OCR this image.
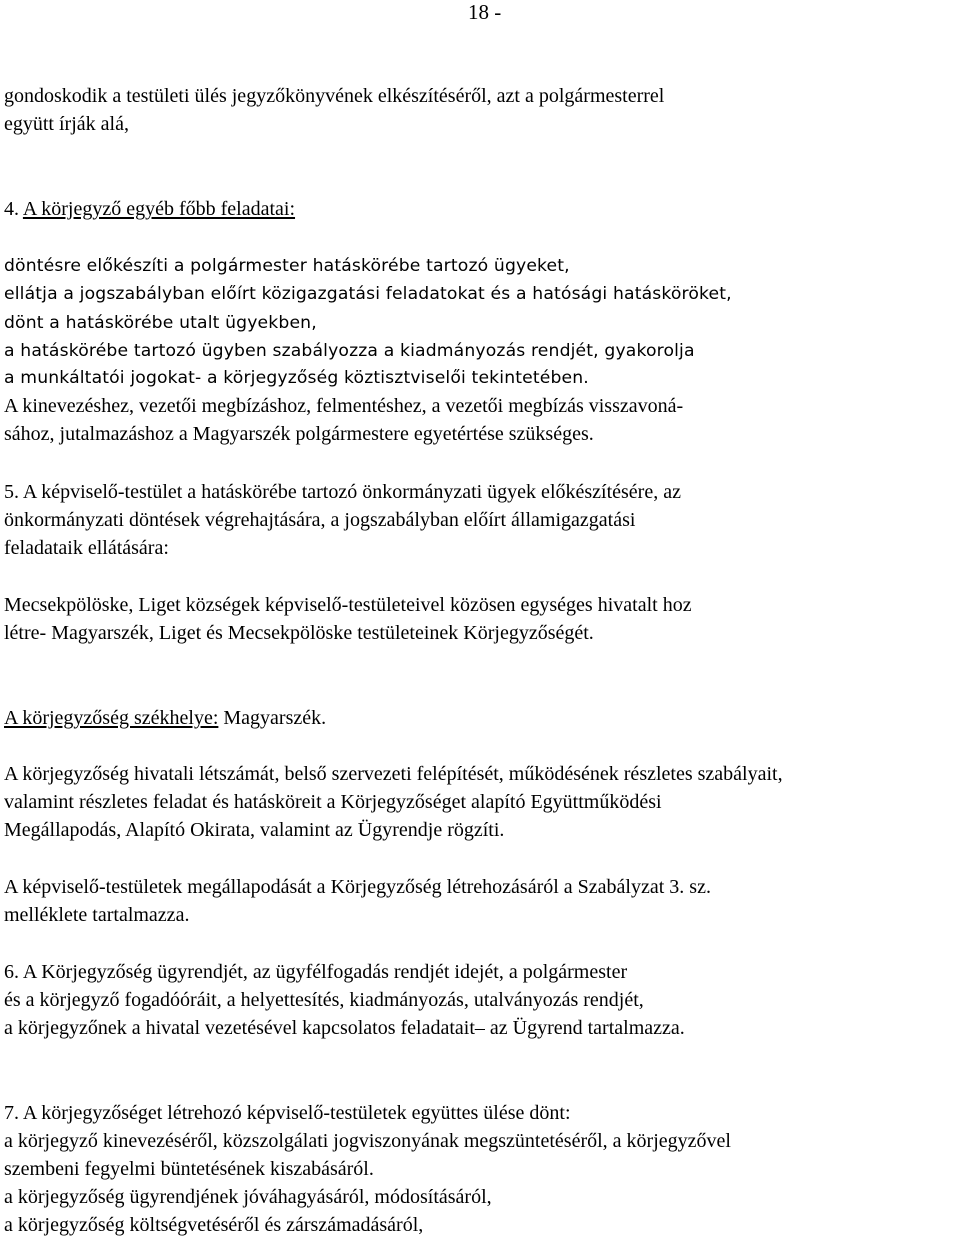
18 -
gondoskodik a testületi ülés jegyzőkönyvének elkészítéséről, azt a polgármesterrel
együtt írják alá,
4. A körjegyző egyéb főbb feladatai:
döntésre előkészíti a polgármester hatáskörébe tartozó ügyeket,
ellátja a jogszabályban előírt közigazgatási feladatokat és a hatósági hatásköröket,
dönt a hatáskörébe utalt ügyekben,
a hatáskörébe tartozó ügyben szabályozza a kiadmányozás rendjét, gyakorolja
a munkáltatói jogokat- a körjegyzőség köztisztviselői tekintetében.
A kinevezéshez, vezetői megbízáshoz, felmentéshez, a vezetői megbízás visszavoná-
sához, jutalmazáshoz a Magyarszék polgármestere egyetértése szükséges.
5. A képviselő-testület a hatáskörébe tartozó önkormányzati ügyek előkészítésére, az
önkormányzati döntések végrehajtására, a jogszabályban előírt államigazgatási
feladataik ellátására:
Mecsekpölöske, Liget községek képviselő-testületeivel közösen egységes hivatalt hoz
létre- Magyarszék, Liget és Mecsekpölöske testületeinek Körjegyzőségét.
A körjegyzőség székhelye: Magyarszék.
A körjegyzőség hivatali létszámát, belső szervezeti felépítését, működésének részletes szabályait,
valamint részletes feladat és hatásköreit a Körjegyzőséget alapító Együttműködési
Megállapodás, Alapító Okirata, valamint az Ügyrendje rögzíti.
A képviselő-testületek megállapodását a Körjegyzőség létrehozásáról a Szabályzat 3. sz.
melléklete tartalmazza.
6. A Körjegyzőség ügyrendjét, az ügyfélfogadás rendjét idejét, a polgármester
és a körjegyző fogadóóráit, a helyettesítés, kiadmányozás, utalványozás rendjét,
a körjegyzőnek a hivatal vezetésével kapcsolatos feladatait– az Ügyrend tartalmazza.
7. A körjegyzőséget létrehozó képviselő-testületek együttes ülése dönt:
a körjegyző kinevezéséről, közszolgálati jogviszonyának megszüntetéséről, a körjegyzővel
szembeni fegyelmi büntetésének kiszabásáról.
a körjegyzőség ügyrendjének jóváhagyásáról, módosításáról,
a körjegyzőség költségvetéséről és zárszámadásáról,
